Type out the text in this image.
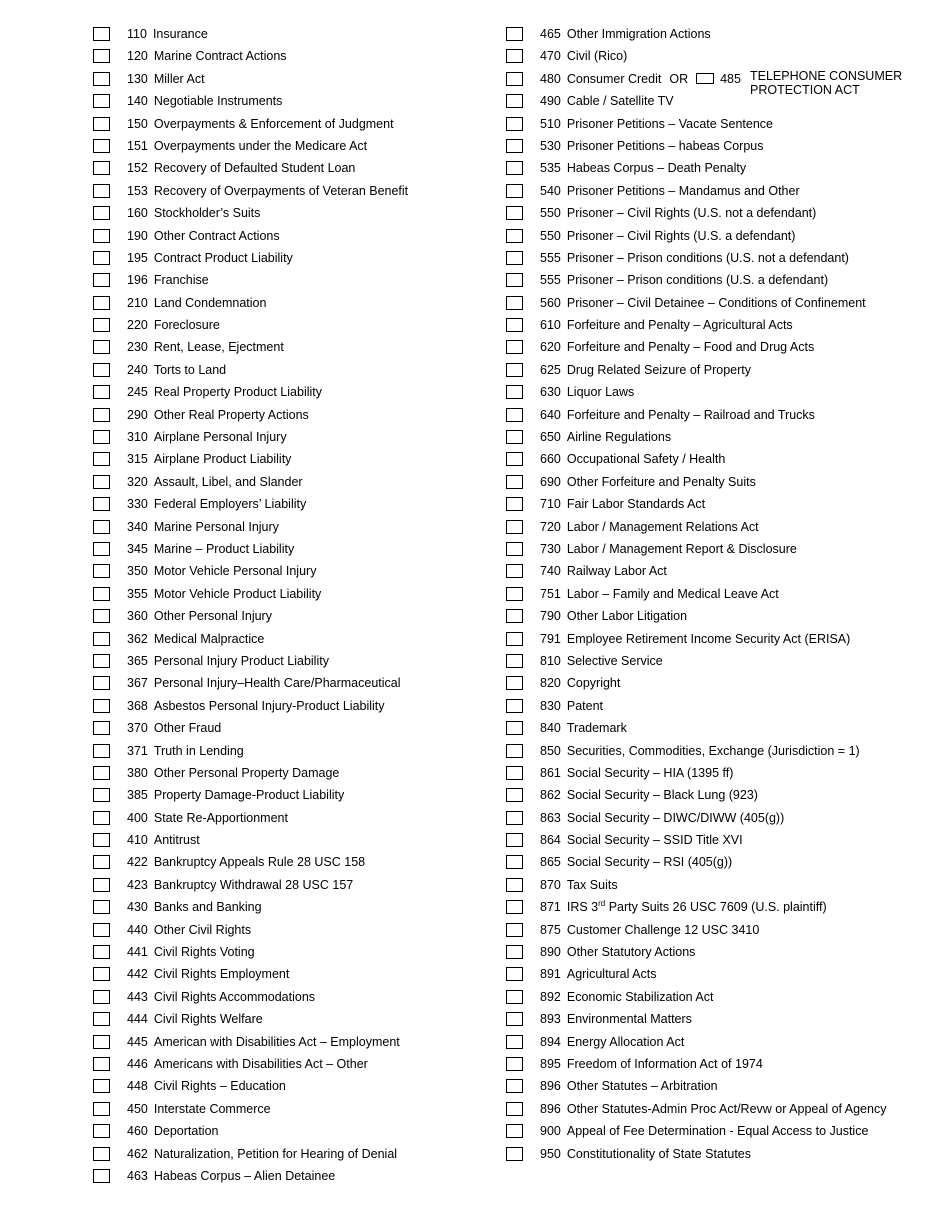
110 Insurance
120 Marine Contract Actions
130 Miller Act
140 Negotiable Instruments
150 Overpayments & Enforcement of Judgment
151 Overpayments under the Medicare Act
152 Recovery of Defaulted Student Loan
153 Recovery of Overpayments of Veteran Benefit
160 Stockholder’s Suits
190 Other Contract Actions
195 Contract Product Liability
196 Franchise
210 Land Condemnation
220 Foreclosure
230 Rent, Lease, Ejectment
240 Torts to Land
245 Real Property Product Liability
290 Other Real Property Actions
310 Airplane Personal Injury
315 Airplane Product Liability
320 Assault, Libel, and Slander
330 Federal Employers’ Liability
340 Marine Personal Injury
345 Marine – Product Liability
350 Motor Vehicle Personal Injury
355 Motor Vehicle Product Liability
360 Other Personal Injury
362 Medical Malpractice
365 Personal Injury Product Liability
367 Personal Injury–Health Care/Pharmaceutical
368 Asbestos Personal Injury-Product Liability
370 Other Fraud
371 Truth in Lending
380 Other Personal Property Damage
385 Property Damage-Product Liability
400 State Re-Apportionment
410 Antitrust
422 Bankruptcy Appeals Rule 28 USC 158
423 Bankruptcy Withdrawal 28 USC 157
430 Banks and Banking
440 Other Civil Rights
441 Civil Rights Voting
442 Civil Rights Employment
443 Civil Rights Accommodations
444 Civil Rights Welfare
445 American with Disabilities Act – Employment
446 Americans with Disabilities Act – Other
448 Civil Rights – Education
450 Interstate Commerce
460 Deportation
462 Naturalization, Petition for Hearing of Denial
463 Habeas Corpus – Alien Detainee
465 Other Immigration Actions
470 Civil (Rico)
TELEPHONE CONSUMER PROTECTION ACT
480 Consumer Credit OR	485
490 Cable / Satellite TV
510 Prisoner Petitions – Vacate Sentence
530 Prisoner Petitions – habeas Corpus
535 Habeas Corpus – Death Penalty
540 Prisoner Petitions – Mandamus and Other
550 Prisoner – Civil Rights (U.S. not a defendant)
550 Prisoner – Civil Rights (U.S. a defendant)
555 Prisoner – Prison conditions (U.S. not a defendant)
555 Prisoner – Prison conditions (U.S. a defendant)
560 Prisoner – Civil Detainee – Conditions of Confinement
610 Forfeiture and Penalty – Agricultural Acts
620 Forfeiture and Penalty – Food and Drug Acts
625 Drug Related Seizure of Property
630 Liquor Laws
640 Forfeiture and Penalty – Railroad and Trucks
650 Airline Regulations
660 Occupational Safety / Health
690 Other Forfeiture and Penalty Suits
710 Fair Labor Standards Act
720 Labor / Management Relations Act
730 Labor / Management Report & Disclosure
740 Railway Labor Act
751 Labor – Family and Medical Leave Act
790 Other Labor Litigation
791 Employee Retirement Income Security Act (ERISA)
810 Selective Service
820 Copyright
830 Patent
840 Trademark
850 Securities, Commodities, Exchange (Jurisdiction = 1)
861 Social Security – HIA (1395 ff)
862 Social Security – Black Lung (923)
863 Social Security – DIWC/DIWW (405(g))
864 Social Security – SSID Title XVI
865 Social Security – RSI (405(g))
870 Tax Suits
871 IRS 3rd Party Suits 26 USC 7609 (U.S. plaintiff)
875 Customer Challenge 12 USC 3410
890 Other Statutory Actions
891 Agricultural Acts
892 Economic Stabilization Act
893 Environmental Matters
894 Energy Allocation Act
895 Freedom of Information Act of 1974
896 Other Statutes – Arbitration
896 Other Statutes-Admin Proc Act/Revw or Appeal of Agency
900 Appeal of Fee Determination - Equal Access to Justice
950 Constitutionality of State Statutes
